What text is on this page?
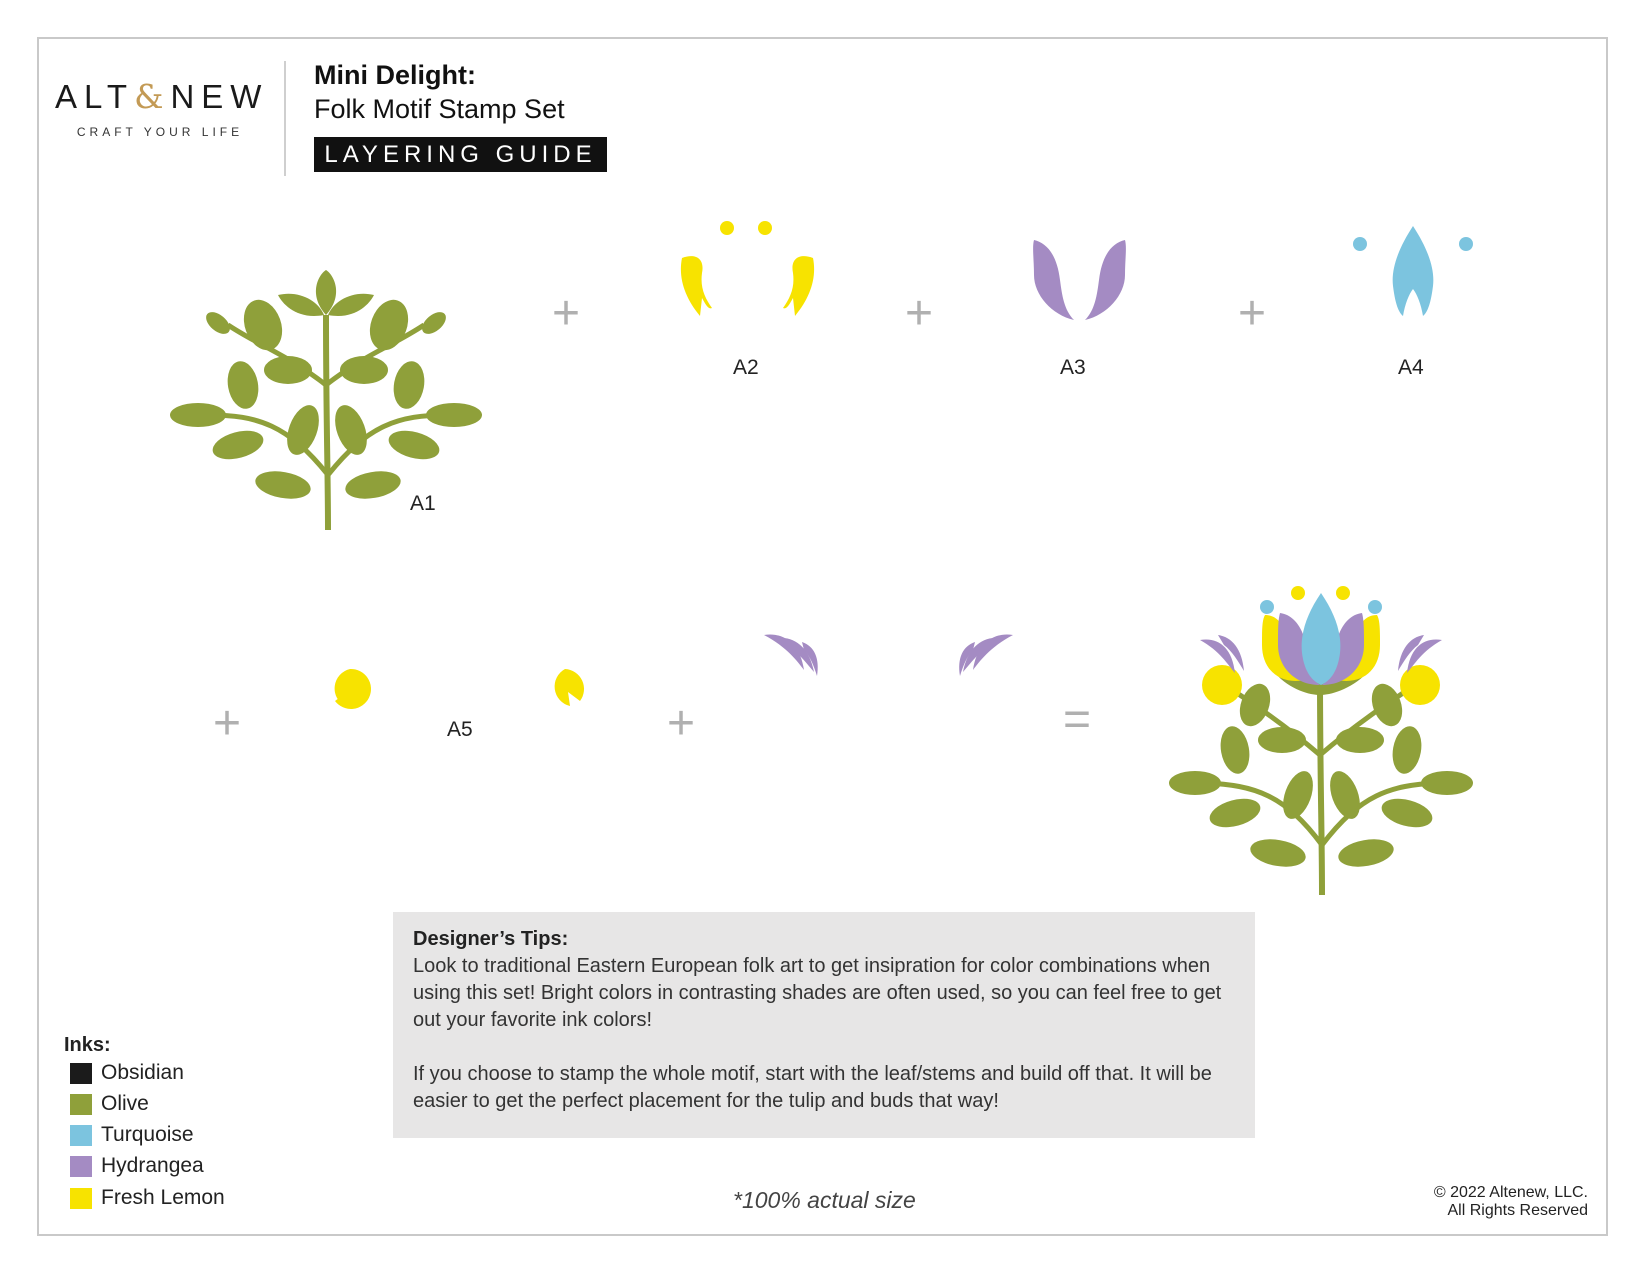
ALT&NEW
CRAFT YOUR LIFE
Mini Delight:
Folk Motif Stamp Set
LAYERING GUIDE
A1
+
A2
+
A3
+
A4
+	A5	+	=
Designer’s Tips:
Look to traditional Eastern European folk art to get insipration for color combinations when using this set! Bright colors in contrasting shades are often used, so you can feel free to get out your favorite ink colors!
If you choose to stamp the whole motif, start with the leaf/stems and build off that. It will be easier to get the perfect placement for the tulip and buds that way!
Inks:
Obsidian
Olive
Turquoise
Hydrangea
Fresh Lemon	*100% actual size	© 2022 Altenew, LLC.
All Rights Reserved
